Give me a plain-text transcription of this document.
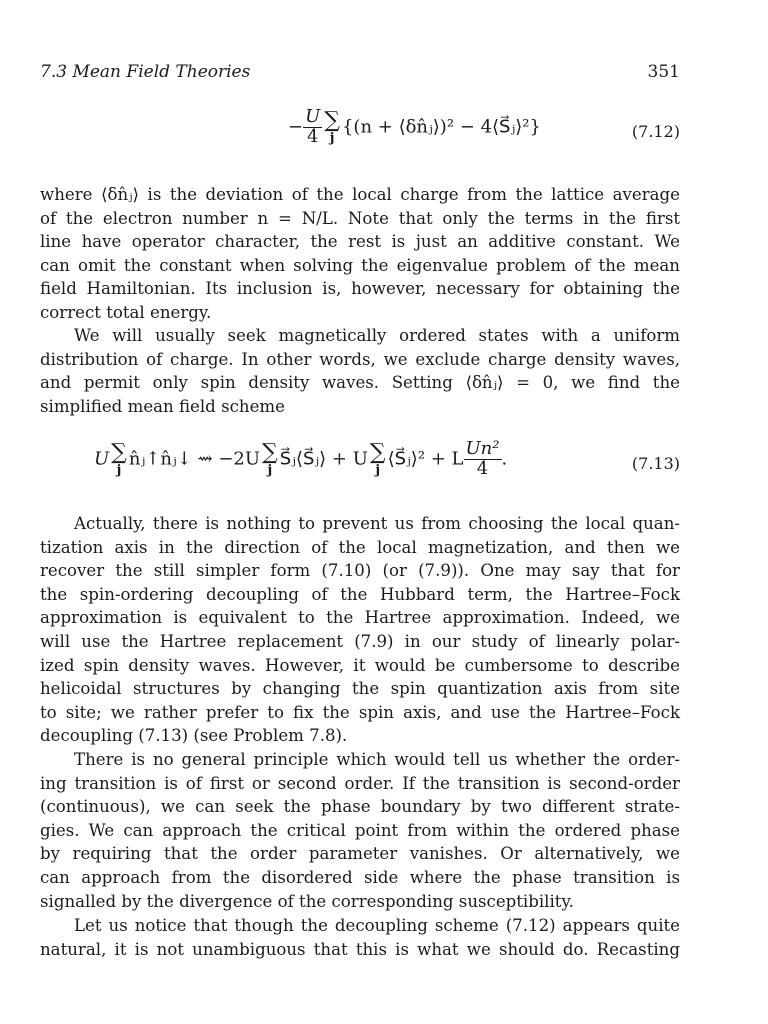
7.3 Mean Field Theories	351
− $\frac{U}{4}$ ∑
j
{(n + ⟨δn̂ⱼ⟩)² − 4⟨S⃗ⱼ⟩²}	(7.12)
where ⟨δn̂ⱼ⟩ is the deviation of the local charge from the lattice average
of the electron number n = N/L. Note that only the terms in the first
line have operator character, the rest is just an additive constant. We
can omit the constant when solving the eigenvalue problem of the mean
field Hamiltonian. Its inclusion is, however, necessary for obtaining the
correct total energy.
We will usually seek magnetically ordered states with a uniform
distribution of charge. In other words, we exclude charge density waves,
and permit only spin density waves. Setting ⟨δn̂ⱼ⟩ = 0, we find the
simplified mean field scheme
U ∑
j
n̂ⱼ↑n̂ⱼ↓ ⇝ −2U ∑
j
S⃗ⱼ⟨S⃗ⱼ⟩ + U ∑
j
⟨S⃗ⱼ⟩² + L $\frac{\text{Un²}}{4}$ .	(7.13)
Actually, there is nothing to prevent us from choosing the local quan-
tization axis in the direction of the local magnetization, and then we
recover the still simpler form (7.10) (or (7.9)). One may say that for
the spin-ordering decoupling of the Hubbard term, the Hartree–Fock
approximation is equivalent to the Hartree approximation. Indeed, we
will use the Hartree replacement (7.9) in our study of linearly polar-
ized spin density waves. However, it would be cumbersome to describe
helicoidal structures by changing the spin quantization axis from site
to site; we rather prefer to fix the spin axis, and use the Hartree–Fock
decoupling (7.13) (see Problem 7.8).
There is no general principle which would tell us whether the order-
ing transition is of first or second order. If the transition is second-order
(continuous), we can seek the phase boundary by two different strate-
gies. We can approach the critical point from within the ordered phase
by requiring that the order parameter vanishes. Or alternatively, we
can approach from the disordered side where the phase transition is
signalled by the divergence of the corresponding susceptibility.
Let us notice that though the decoupling scheme (7.12) appears quite
natural, it is not unambiguous that this is what we should do. Recasting
